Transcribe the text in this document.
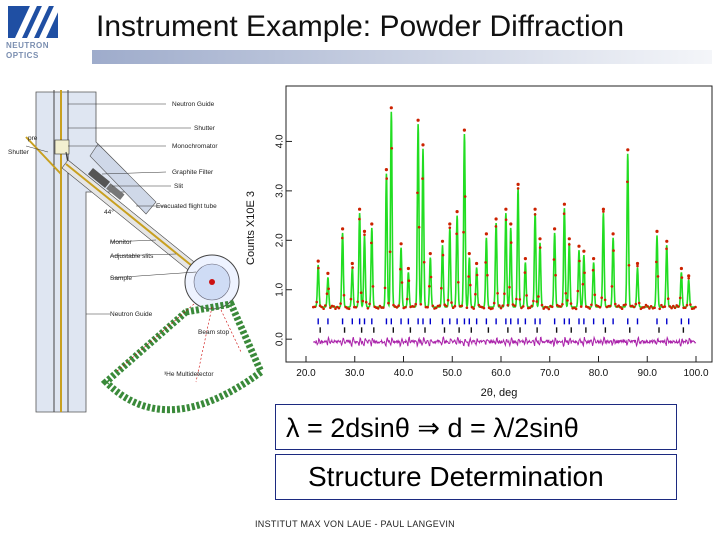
NEUTRON
OPTICS
Instrument Example: Powder Diffraction
Neutron Guide
Shutter
Monochromator
Graphite Filter
Slit
Evacuated flight tube
Monitor
Adjustable slits
Sample
Neutron Guide
Beam stop
³He Multidetector
Shutter
pre
44°
0.0
1.0
2.0
3.0
4.0
20.0	30.0	40.0	50.0	60.0	70.0	80.0	90.0	100.0
Counts X10E 3
2θ, deg
λ = 2dsinθ ⇒ d = λ/2sinθ
Structure Determination
INSTITUT MAX VON LAUE - PAUL LANGEVIN
